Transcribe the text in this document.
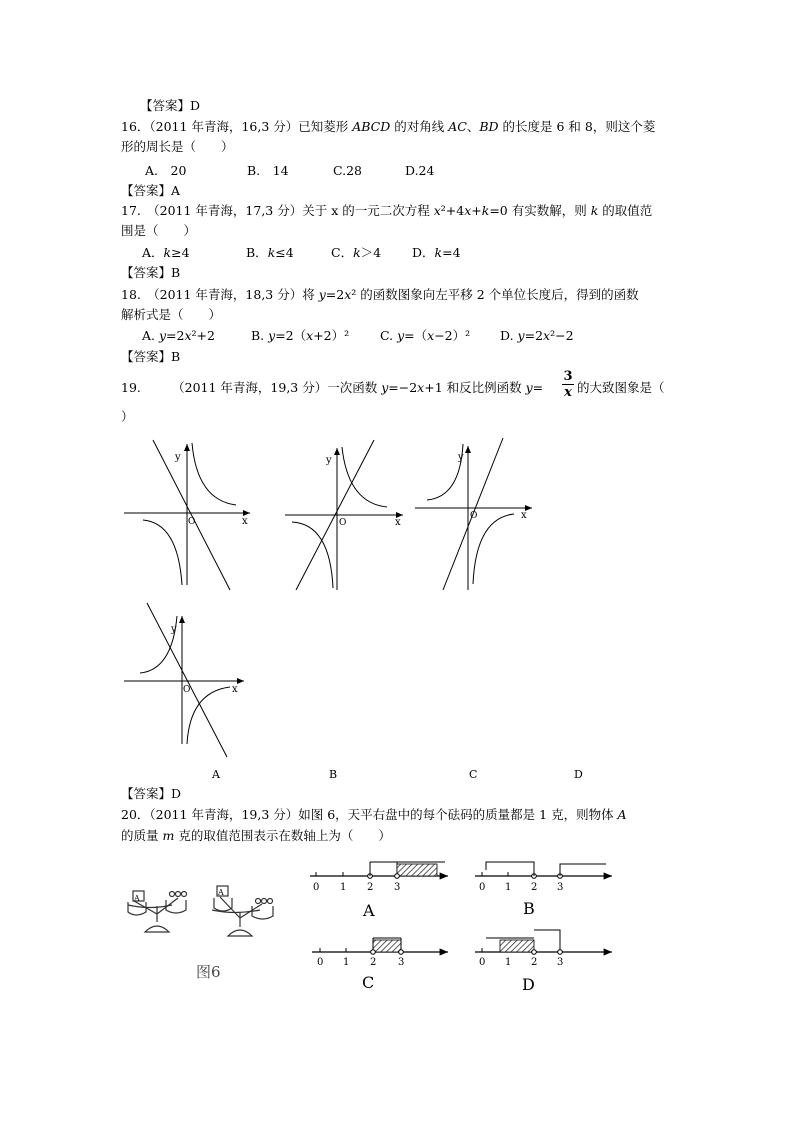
【答案】D
16．（2011 年青海，16,3 分）已知菱形 ABCD 的对角线 AC、BD 的长度是 6 和 8，则这个菱
形的周长是（　　）
A.　20	B.　14	C.28	D.24
【答案】A
17.　（2011 年青海，17,3 分）关于 x 的一元二次方程 x²+4x+k=0 有实数解，则 k 的取值范
围是（　　）
A．k≥4	B．k≤4	C．k＞4 D．k=4
【答案】B
18.　（2011 年青海，18,3 分）将 y=2x² 的函数图象向左平移 2 个单位长度后，得到的函数
解析式是（　　）
A. y=2x²+2	B. y=2（x+2）² C. y=（x−2）² D. y=2x²−2
【答案】B
19.　　　（2011 年青海，19,3 分）一次函数 y=−2x+1 和反比例函数 $y= \frac{3}{x}$ 的大致图象是（
）
y
x
O
y
x
O
y
x
O
y
x
O
A	B	C	D
【答案】D
20．（2011 年青海，19,3 分）如图 6，天平右盘中的每个砝码的质量都是 1 克，则物体 A
的质量 m 克的取值范围表示在数轴上为（　　）
A
A
图6
0 1 2 3
A
0 1 2 3
B
0 1 2 3
C
0 1 2 3
D
